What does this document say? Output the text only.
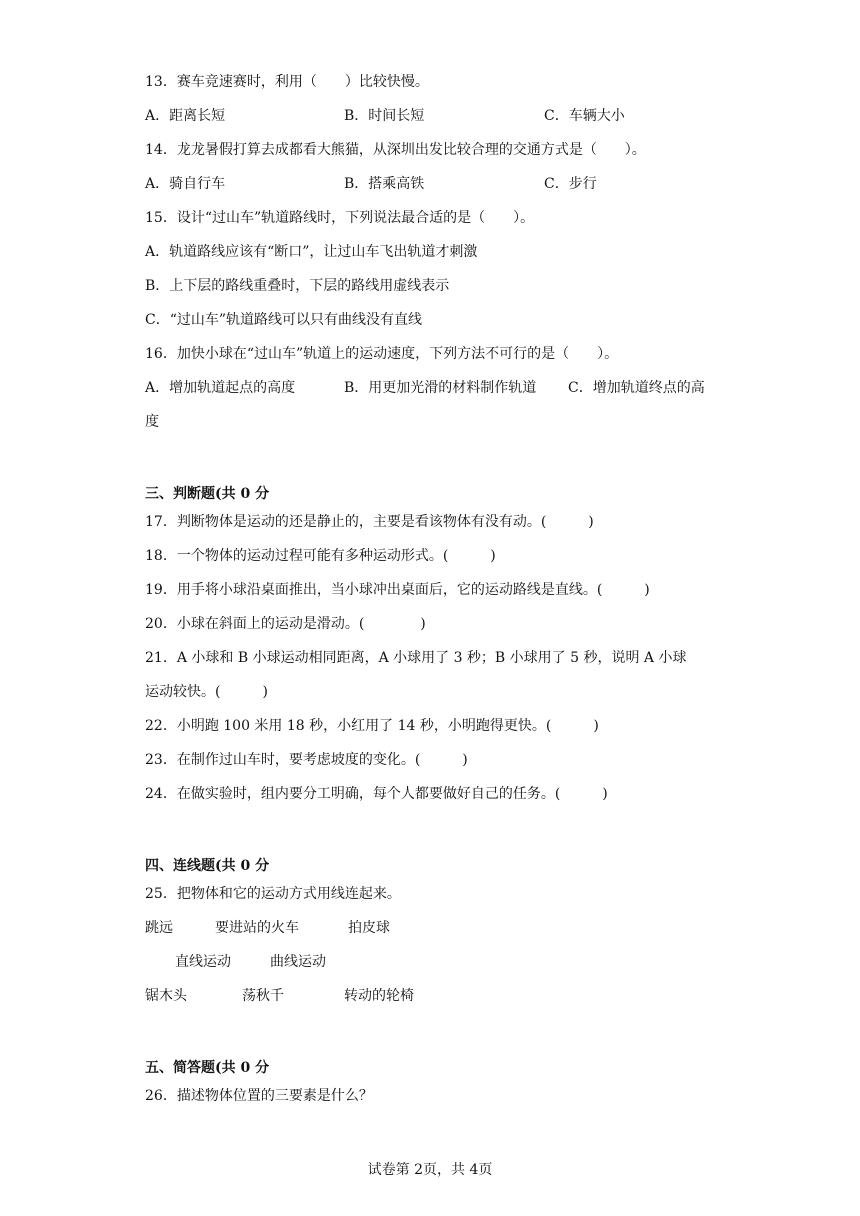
13．赛车竞速赛时，利用（　　）比较快慢。
A．距离长短	B．时间长短	C．车辆大小
14．龙龙暑假打算去成都看大熊猫，从深圳出发比较合理的交通方式是（　　）。
A．骑自行车	B．搭乘高铁	C．步行
15．设计“过山车”轨道路线时，下列说法最合适的是（　　）。
A．轨道路线应该有“断口”，让过山车飞出轨道才刺激
B．上下层的路线重叠时，下层的路线用虚线表示
C．“过山车”轨道路线可以只有曲线没有直线
16．加快小球在“过山车”轨道上的运动速度，下列方法不可行的是（　　）。
A．增加轨道起点的高度	B．用更加光滑的材料制作轨道 C．增加轨道终点的高
度
三、判断题(共 0 分
17．判断物体是运动的还是静止的，主要是看该物体有没有动。(　　　)
18．一个物体的运动过程可能有多种运动形式。(　　　)
19．用手将小球沿桌面推出，当小球冲出桌面后，它的运动路线是直线。(　　　)
20．小球在斜面上的运动是滑动。(　　　　)
21．A 小球和 B 小球运动相同距离，A 小球用了 3 秒；B 小球用了 5 秒，说明 A 小球
运动较快。(　　　)
22．小明跑 100 米用 18 秒，小红用了 14 秒，小明跑得更快。(　　　)
23．在制作过山车时，要考虑坡度的变化。(　　　)
24．在做实验时，组内要分工明确，每个人都要做好自己的任务。(　　　)
四、连线题(共 0 分
25．把物体和它的运动方式用线连起来。
跳远	要进站的火车	拍皮球
直线运动	曲线运动
锯木头	荡秋千	转动的轮椅
五、简答题(共 0 分
26．描述物体位置的三要素是什么？
试卷第 2页，共 4页
